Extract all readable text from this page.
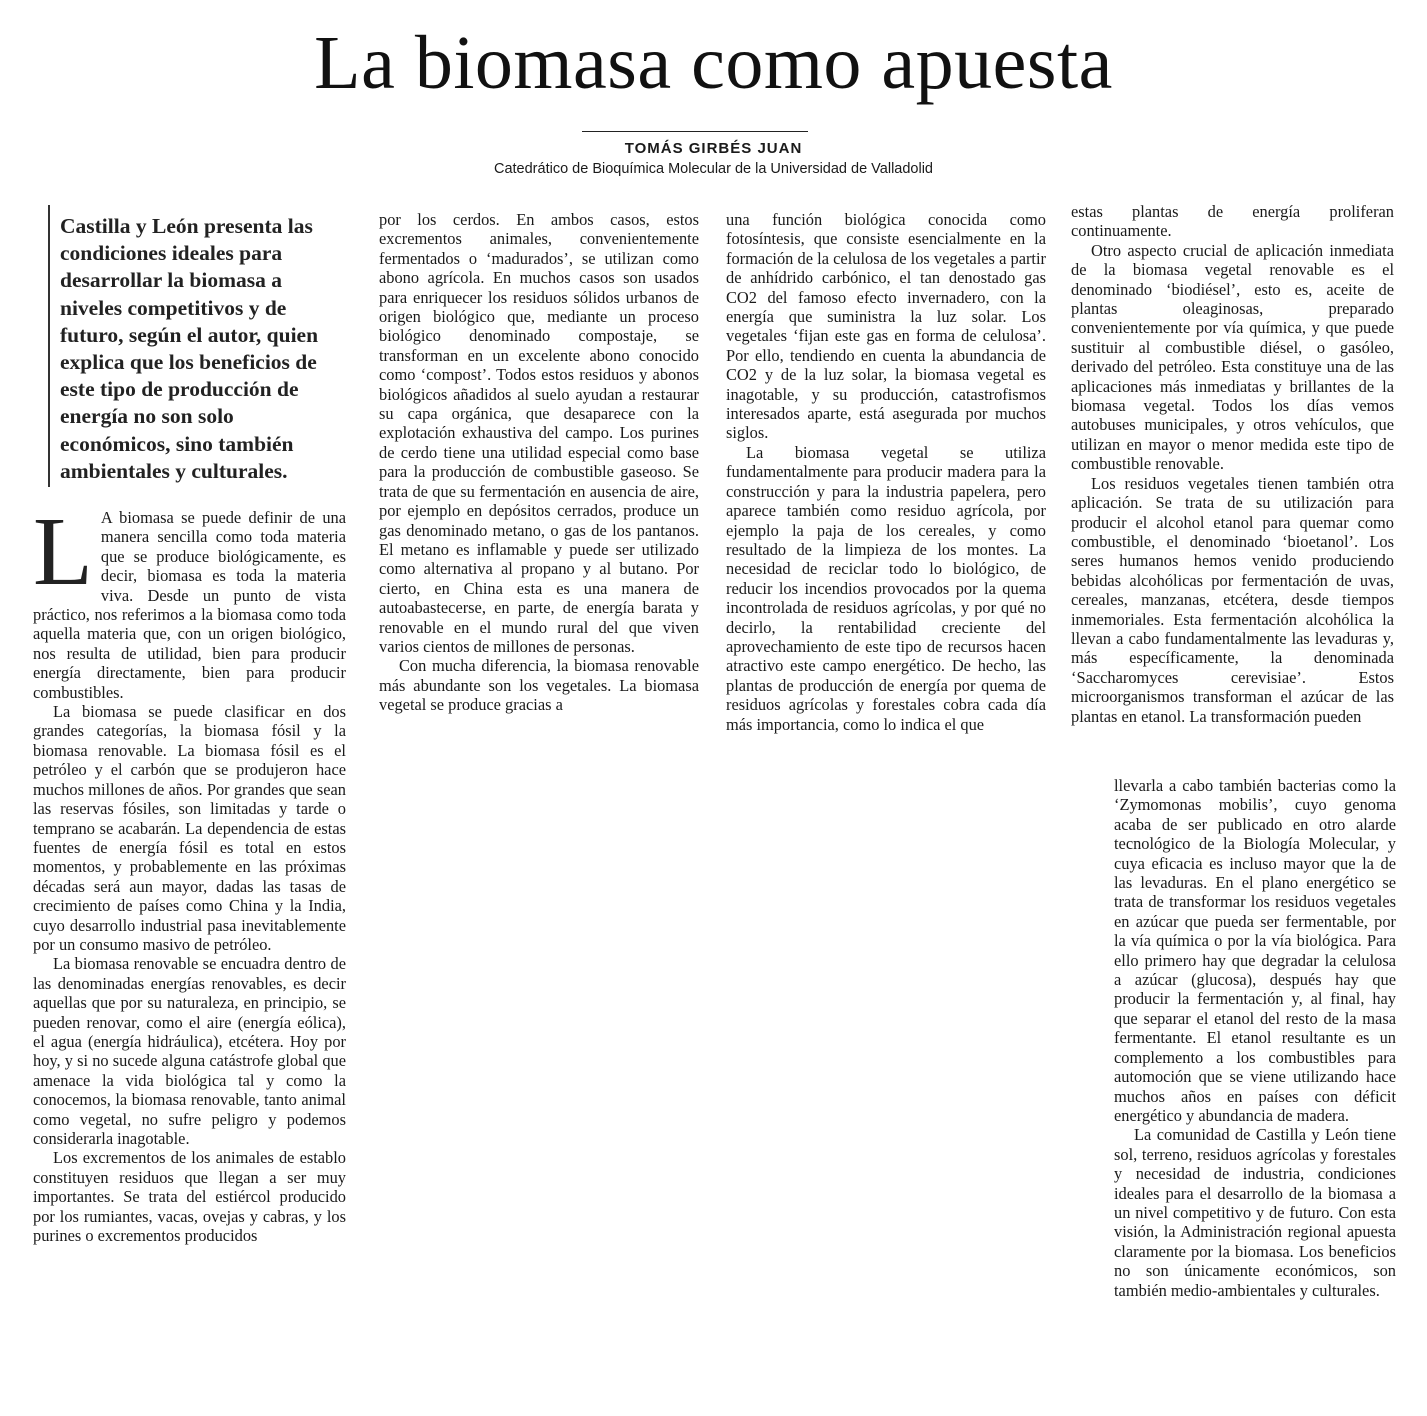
La biomasa como apuesta
TOMÁS GIRBÉS JUAN
Catedrático de Bioquímica Molecular de la Universidad de Valladolid
Castilla y León presenta las condiciones ideales para desarrollar la biomasa a niveles competitivos y de futuro, según el autor, quien explica que los beneficios de este tipo de producción de energía no son solo económicos, sino también ambientales y culturales.

L A biomasa se puede definir de una manera sencilla como toda materia que se produce biológicamente, es decir, biomasa es toda la materia viva. Desde un punto de vista práctico, nos referimos a la biomasa como toda aquella materia que, con un origen biológico, nos resulta de utilidad, bien para producir energía directamente, bien para producir combustibles.

La biomasa se puede clasificar en dos grandes categorías, la biomasa fósil y la biomasa renovable. La biomasa fósil es el petróleo y el carbón que se produjeron hace muchos millones de años. Por grandes que sean las reservas fósiles, son limitadas y tarde o temprano se acabarán. La dependencia de estas fuentes de energía fósil es total en estos momentos, y probablemente en las próximas décadas será aun mayor, dadas las tasas de crecimiento de países como China y la India, cuyo desarrollo industrial pasa inevitablemente por un consumo masivo de petróleo.

La biomasa renovable se encuadra dentro de las denominadas energías renovables, es decir aquellas que por su naturaleza, en principio, se pueden renovar, como el aire (energía eólica), el agua (energía hidráulica), etcétera. Hoy por hoy, y si no sucede alguna catástrofe global que amenace la vida biológica tal y como la conocemos, la biomasa renovable, tanto animal como vegetal, no sufre peligro y podemos considerarla inagotable.

Los excrementos de los animales de establo constituyen residuos que llegan a ser muy importantes. Se trata del estiércol producido por los rumiantes, vacas, ovejas y cabras, y los purines o excrementos producidos

por los cerdos. En ambos casos, estos excrementos animales, convenientemente fermentados o ‘madurados’, se utilizan como abono agrícola. En muchos casos son usados para enriquecer los residuos sólidos urbanos de origen biológico que, mediante un proceso biológico denominado compostaje, se transforman en un excelente abono conocido como ‘compost’. Todos estos residuos y abonos biológicos añadidos al suelo ayudan a restaurar su capa orgánica, que desaparece con la explotación exhaustiva del campo. Los purines de cerdo tiene una utilidad especial como base para la producción de combustible gaseoso. Se trata de que su fermentación en ausencia de aire, por ejemplo en depósitos cerrados, produce un gas denominado metano, o gas de los pantanos. El metano es inflamable y puede ser utilizado como alternativa al propano y al butano. Por cierto, en China esta es una manera de autoabastecerse, en parte, de energía barata y renovable en el mundo rural del que viven varios cientos de millones de personas.

Con mucha diferencia, la biomasa renovable más abundante son los vegetales. La biomasa vegetal se produce gracias a

una función biológica conocida como fotosíntesis, que consiste esencialmente en la formación de la celulosa de los vegetales a partir de anhídrido carbónico, el tan denostado gas CO2 del famoso efecto invernadero, con la energía que suministra la luz solar. Los vegetales ‘fijan este gas en forma de celulosa’. Por ello, tendiendo en cuenta la abundancia de CO2 y de la luz solar, la biomasa vegetal es inagotable, y su producción, catastrofismos interesados aparte, está asegurada por muchos siglos.

La biomasa vegetal se utiliza fundamentalmente para producir madera para la construcción y para la industria papelera, pero aparece también como residuo agrícola, por ejemplo la paja de los cereales, y como resultado de la limpieza de los montes. La necesidad de reciclar todo lo biológico, de reducir los incendios provocados por la quema incontrolada de residuos agrícolas, y por qué no decirlo, la rentabilidad creciente del aprovechamiento de este tipo de recursos hacen atractivo este campo energético. De hecho, las plantas de producción de energía por quema de residuos agrícolas y forestales cobra cada día más importancia, como lo indica el que

estas plantas de energía proliferan continuamente.

Otro aspecto crucial de aplicación inmediata de la biomasa vegetal renovable es el denominado ‘biodiésel’, esto es, aceite de plantas oleaginosas, preparado convenientemente por vía química, y que puede sustituir al combustible diésel, o gasóleo, derivado del petróleo. Esta constituye una de las aplicaciones más inmediatas y brillantes de la biomasa vegetal. Todos los días vemos autobuses municipales, y otros vehículos, que utilizan en mayor o menor medida este tipo de combustible renovable.

Los residuos vegetales tienen también otra aplicación. Se trata de su utilización para producir el alcohol etanol para quemar como combustible, el denominado ‘bioetanol’. Los seres humanos hemos venido produciendo bebidas alcohólicas por fermentación de uvas, cereales, manzanas, etcétera, desde tiempos inmemoriales. Esta fermentación alcohólica la llevan a cabo fundamentalmente las levaduras y, más específicamente, la denominada ‘Saccharomyces cerevisiae’. Estos microorganismos transforman el azúcar de las plantas en etanol. La transformación pueden

llevarla a cabo también bacterias como la ‘Zymomonas mobilis’, cuyo genoma acaba de ser publicado en otro alarde tecnológico de la Biología Molecular, y cuya eficacia es incluso mayor que la de las levaduras. En el plano energético se trata de transformar los residuos vegetales en azúcar que pueda ser fermentable, por la vía química o por la vía biológica. Para ello primero hay que degradar la celulosa a azúcar (glucosa), después hay que producir la fermentación y, al final, hay que separar el etanol del resto de la masa fermentante. El etanol resultante es un complemento a los combustibles para automoción que se viene utilizando hace muchos años en países con déficit energético y abundancia de madera.

La comunidad de Castilla y León tiene sol, terreno, residuos agrícolas y forestales y necesidad de industria, condiciones ideales para el desarrollo de la biomasa a un nivel competitivo y de futuro. Con esta visión, la Administración regional apuesta claramente por la biomasa. Los beneficios no son únicamente económicos, son también medio-ambientales y culturales.
